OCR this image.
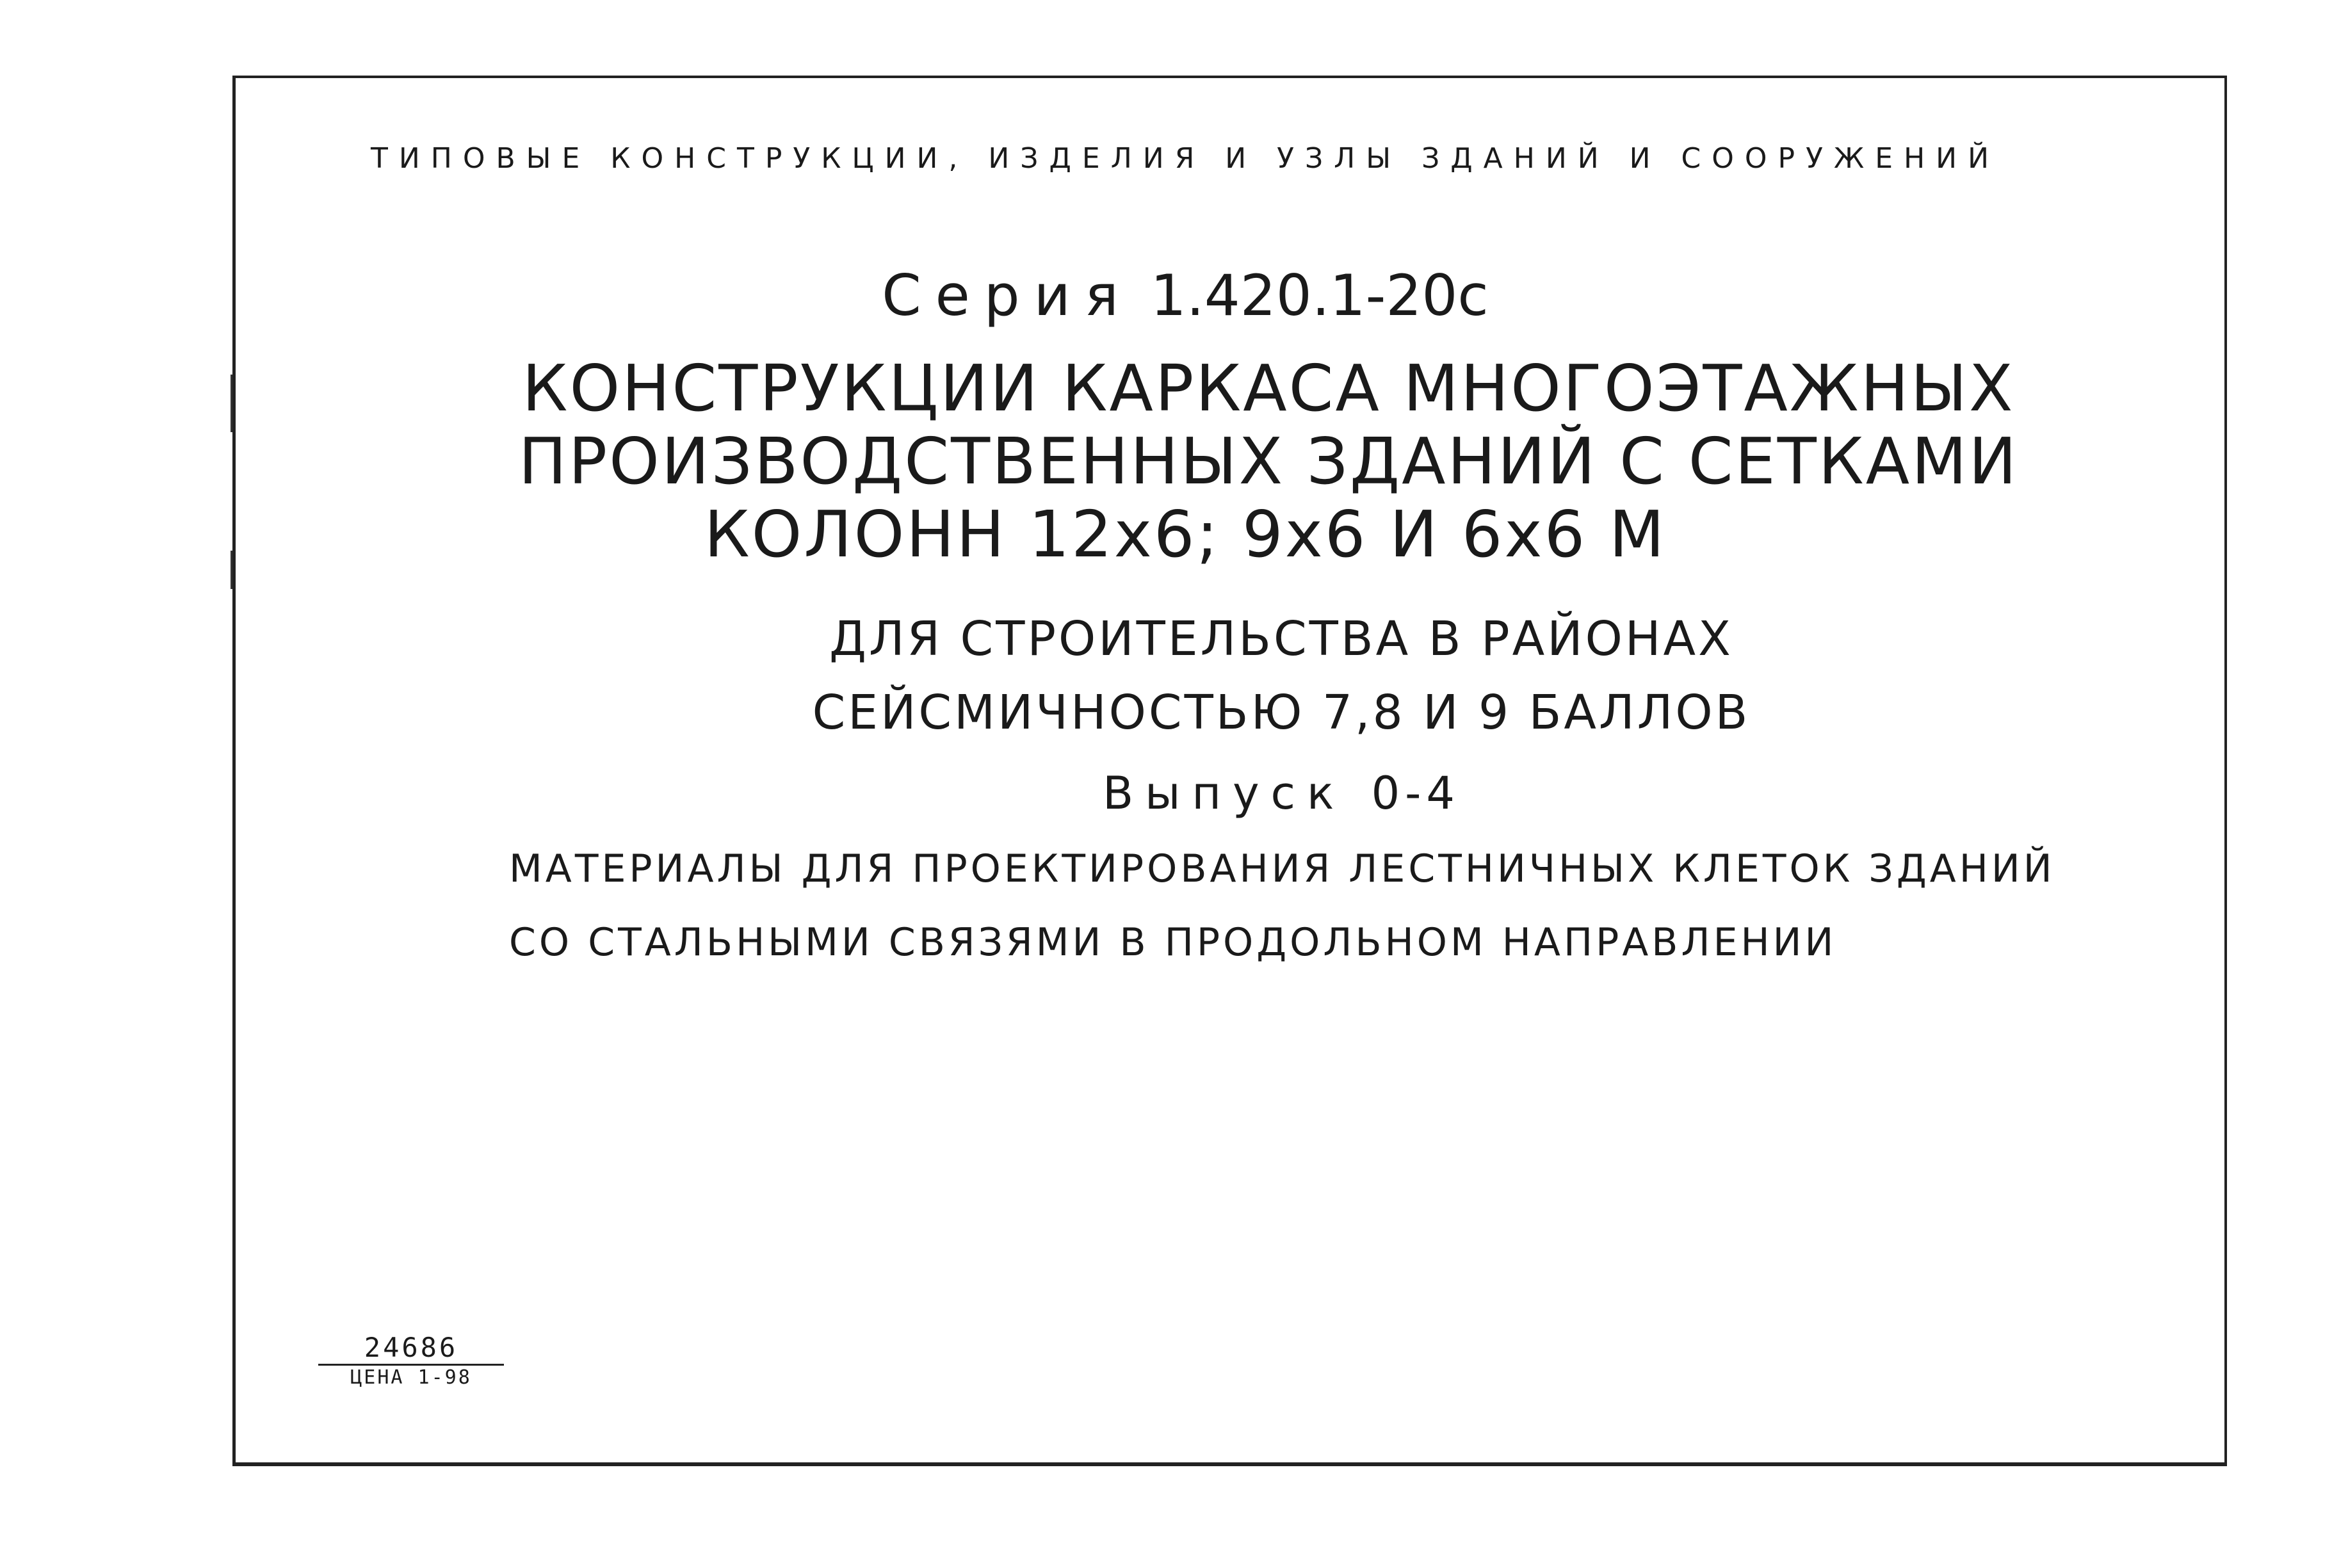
ТИПОВЫЕ КОНСТРУКЦИИ, ИЗДЕЛИЯ И УЗЛЫ ЗДАНИЙ И СООРУЖЕНИЙ
Серия 1.420.1-20с
КОНСТРУКЦИИ КАРКАСА МНОГОЭТАЖНЫХ
ПРОИЗВОДСТВЕННЫХ ЗДАНИЙ С СЕТКАМИ
КОЛОНН 12х6; 9х6 И 6х6 М
ДЛЯ СТРОИТЕЛЬСТВА В РАЙОНАХ
СЕЙСМИЧНОСТЬЮ 7,8 И 9 БАЛЛОВ
Выпуск 0-4
МАТЕРИАЛЫ ДЛЯ ПРОЕКТИРОВАНИЯ ЛЕСТНИЧНЫХ КЛЕТОК ЗДАНИЙ
СО СТАЛЬНЫМИ СВЯЗЯМИ В ПРОДОЛЬНОМ НАПРАВЛЕНИИ
24686
ЦЕНА 1-98
